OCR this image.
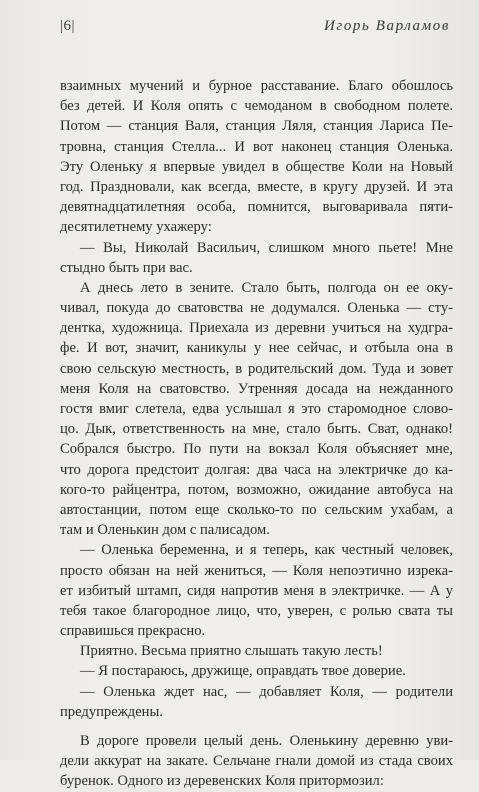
|6|	Игорь Варламов
взаимных мучений и бурное расставание. Благо обошлось
без детей. И Коля опять с чемоданом в свободном полете.
Потом — станция Валя, станция Ляля, станция Лариса Пе-
тровна, станция Стелла... И вот наконец станция Оленька.
Эту Оленьку я впервые увидел в обществе Коли на Новый
год. Праздновали, как всегда, вместе, в кругу друзей. И эта
девятнадцатилетняя особа, помнится, выговаривала пяти-
десятилетнему ухажеру:
— Вы, Николай Васильич, слишком много пьете! Мне
стыдно быть при вас.
А днесь лето в зените. Стало быть, полгода он ее оку-
чивал, покуда до сватовства не додумался. Оленька — сту-
дентка, художница. Приехала из деревни учиться на худгра-
фе. И вот, значит, каникулы у нее сейчас, и отбыла она в
свою сельскую местность, в родительский дом. Туда и зовет
меня Коля на сватовство. Утренняя досада на нежданного
гостя вмиг слетела, едва услышал я это старомодное слово-
цо. Дык, ответственность на мне, стало быть. Сват, однако!
Собрался быстро. По пути на вокзал Коля объясняет мне,
что дорога предстоит долгая: два часа на электричке до ка-
кого-то райцентра, потом, возможно, ожидание автобуса на
автостанции, потом еще сколько-то по сельским ухабам, а
там и Оленькин дом с палисадом.
— Оленька беременна, и я теперь, как честный человек,
просто обязан на ней жениться, — Коля непоэтично изрека-
ет избитый штамп, сидя напротив меня в электричке. — А у
тебя такое благородное лицо, что, уверен, с ролью свата ты
справишься прекрасно.
Приятно. Весьма приятно слышать такую лесть!
— Я постараюсь, дружище, оправдать твое доверие.
— Оленька ждет нас, — добавляет Коля, — родители
предупреждены.
В дороге провели целый день. Оленькину деревню уви-
дели аккурат на закате. Сельчане гнали домой из стада своих
буренок. Одного из деревенских Коля притормозил:
